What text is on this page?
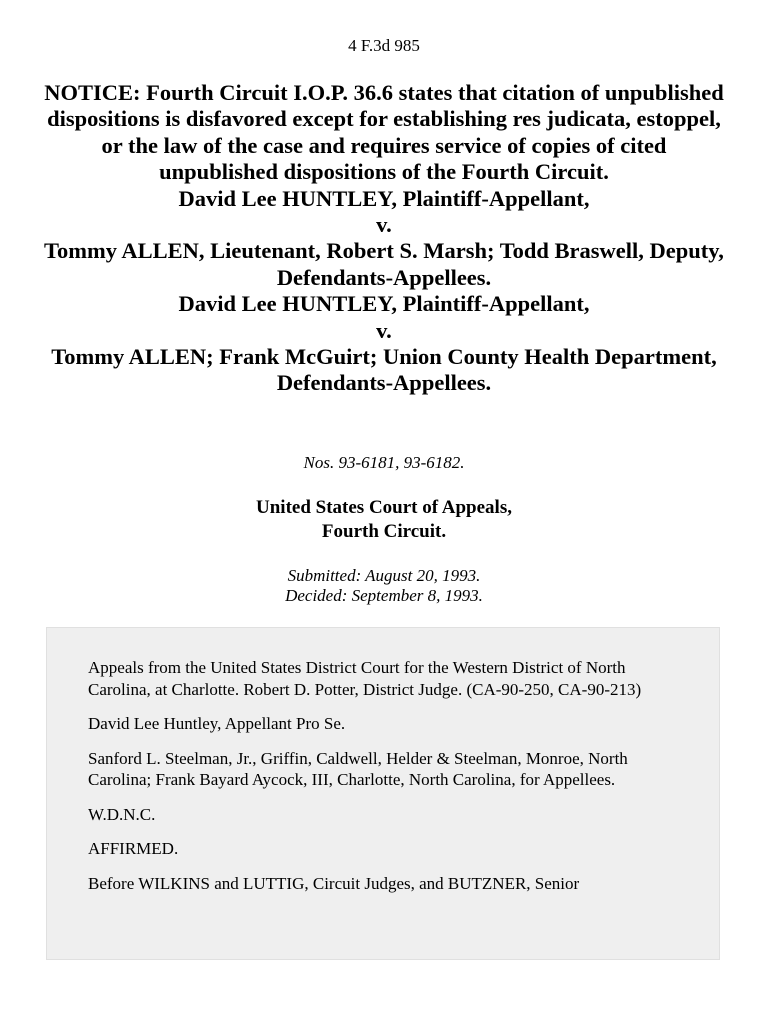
4 F.3d 985
NOTICE: Fourth Circuit I.O.P. 36.6 states that citation of unpublished dispositions is disfavored except for establishing res judicata, estoppel, or the law of the case and requires service of copies of cited unpublished dispositions of the Fourth Circuit.
David Lee HUNTLEY, Plaintiff-Appellant,
v.
Tommy ALLEN, Lieutenant, Robert S. Marsh; Todd Braswell, Deputy, Defendants-Appellees.
David Lee HUNTLEY, Plaintiff-Appellant,
v.
Tommy ALLEN; Frank McGuirt; Union County Health Department, Defendants-Appellees.
Nos. 93-6181, 93-6182.
United States Court of Appeals,
Fourth Circuit.
Submitted: August 20, 1993.
Decided: September 8, 1993.

Appeals from the United States District Court for the Western District of North Carolina, at Charlotte. Robert D. Potter, District Judge. (CA-90-250, CA-90-213)

David Lee Huntley, Appellant Pro Se.

Sanford L. Steelman, Jr., Griffin, Caldwell, Helder & Steelman, Monroe, North Carolina; Frank Bayard Aycock, III, Charlotte, North Carolina, for Appellees.

W.D.N.C.

AFFIRMED.

Before WILKINS and LUTTIG, Circuit Judges, and BUTZNER, Senior
